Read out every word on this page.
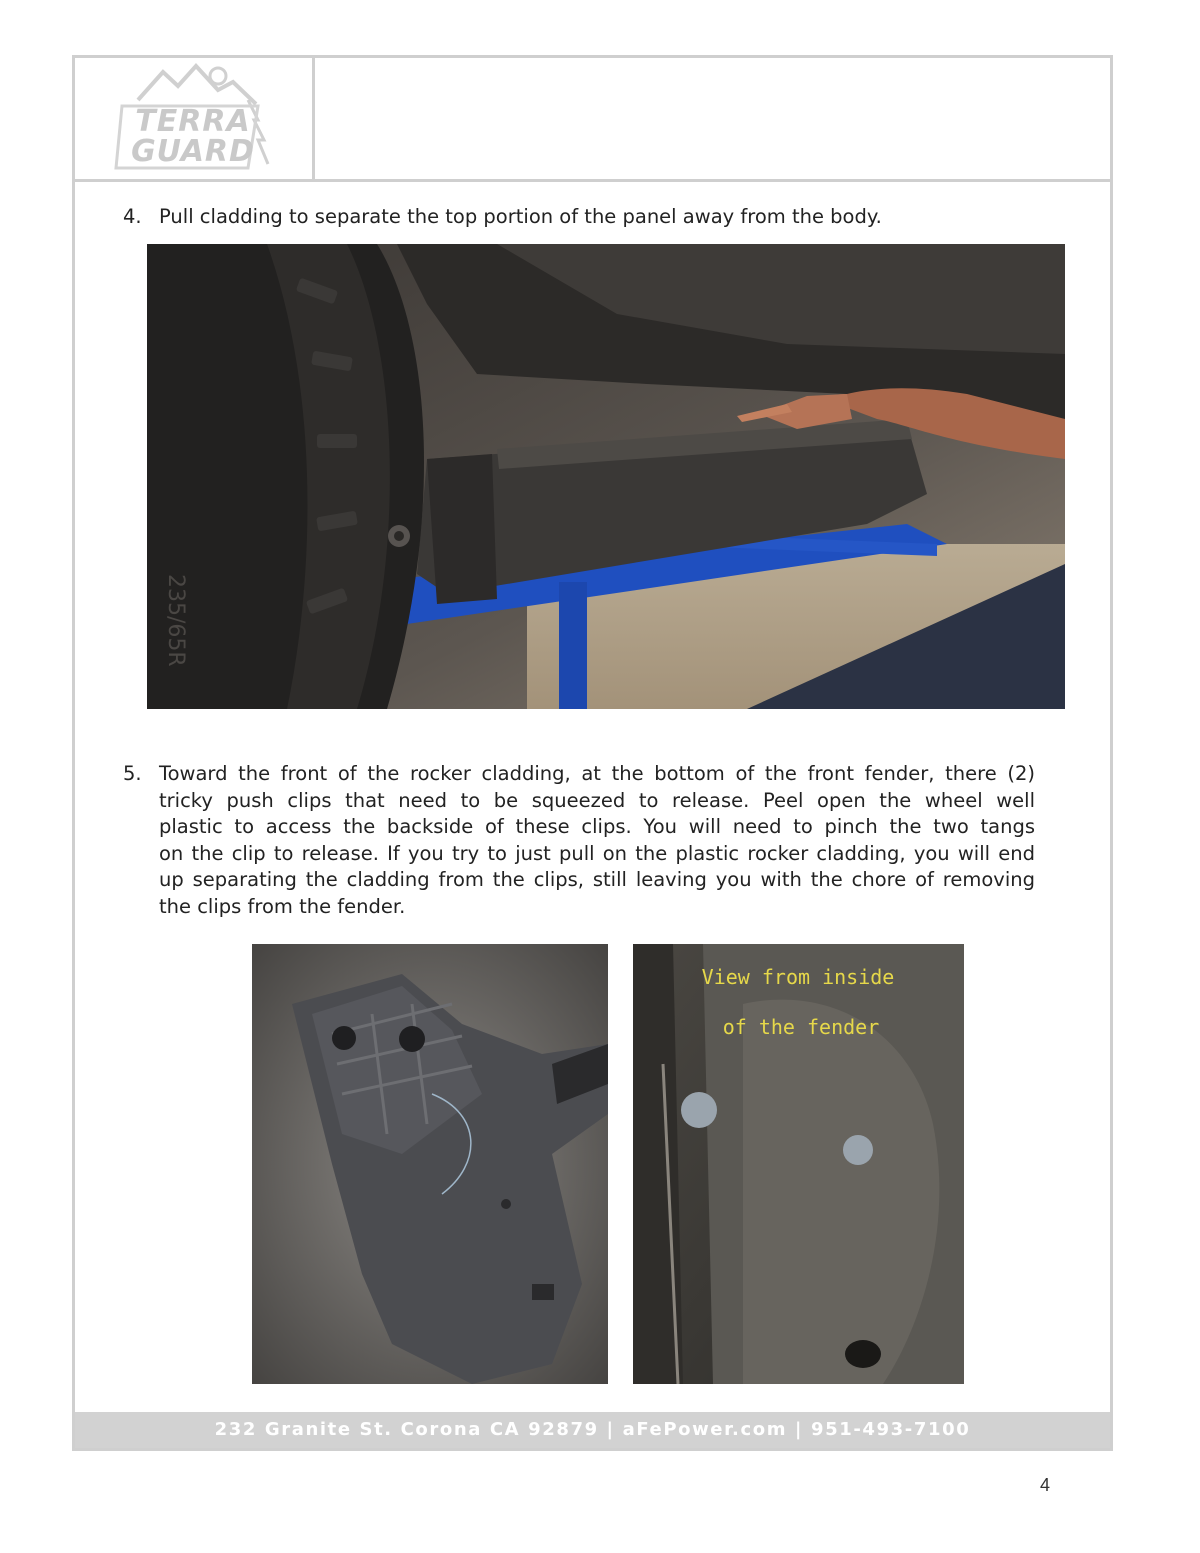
TERRA
GUARD
4. Pull cladding to separate the top portion of the panel away from the body.
235/65R
5. Toward the front of the rocker cladding, at the bottom of the front fender, there (2)

tricky push clips that need to be squeezed to release. Peel open the wheel well

plastic to access the backside of these clips. You will need to pinch the two tangs

on the clip to release. If you try to just pull on the plastic rocker cladding, you will end

up separating the cladding from the clips, still leaving you with the chore of removing

the clips from the fender.

View from inside
of the fender
232 Granite St. Corona CA 92879 | aFePower.com | 951-493-7100
4
